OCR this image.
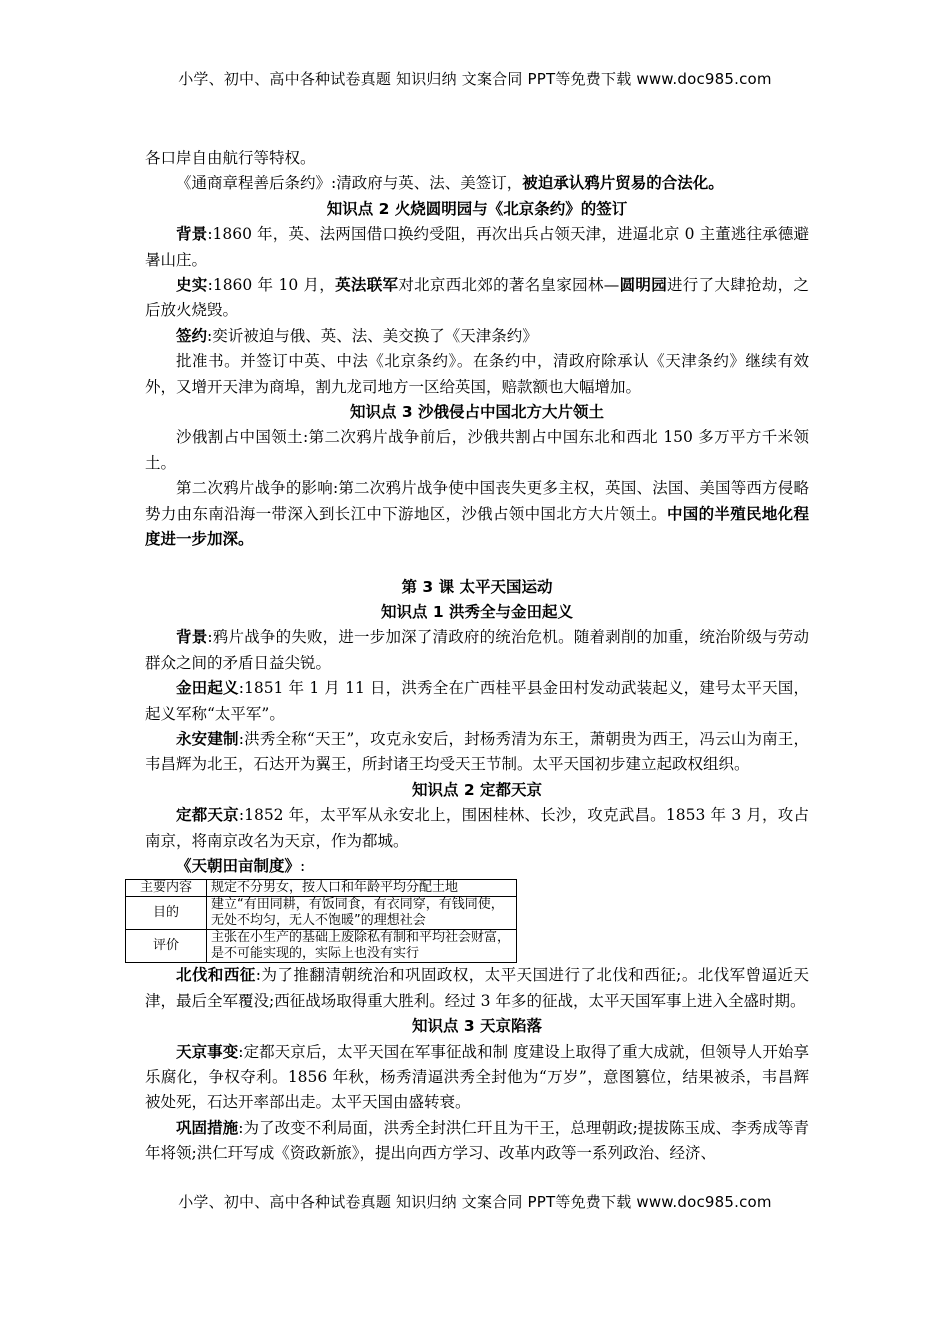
小学、初中、高中各种试卷真题 知识归纳 文案合同 PPT等免费下载 www.doc985.com

各口岸自由航行等特权。

《通商章程善后条约》:清政府与英、法、美签订，被迫承认鸦片贸易的合法化。

知识点 2 火烧圆明园与《北京条约》的签订

背景:1860 年，英、法两国借口换约受阻，再次出兵占领天津，进逼北京 0 主董逃往承德避暑山庄。

史实:1860 年 10 月，英法联军对北京西北郊的著名皇家园林—圆明园进行了大肆抢劫，之后放火烧毁。

签约:奕䜣被迫与俄、英、法、美交换了《天津条约》

批准书。并签订中英、中法《北京条约》。在条约中，清政府除承认《天津条约》继续有效外，又增开天津为商埠，割九龙司地方一区给英国，赔款额也大幅增加。

知识点 3 沙俄侵占中国北方大片领土

沙俄割占中国领土:第二次鸦片战争前后，沙俄共割占中国东北和西北 150 多万平方千米领土。

第二次鸦片战争的影响:第二次鸦片战争使中国丧失更多主权，英国、法国、美国等西方侵略势力由东南沿海一带深入到长江中下游地区，沙俄占领中国北方大片领土。中国的半殖民地化程度进一步加深。

第 3 课 太平天国运动

知识点 1 洪秀全与金田起义

背景:鸦片战争的失败，进一步加深了清政府的统治危机。随着剥削的加重，统治阶级与劳动群众之间的矛盾日益尖锐。

金田起义:1851 年 1 月 11 日，洪秀全在广西桂平县金田村发动武装起义，建号太平天国，起义军称“太平军”。

永安建制:洪秀全称“天王”，攻克永安后，封杨秀清为东王，萧朝贵为西王，冯云山为南王，韦昌辉为北王，石达开为翼王，所封诸王均受天王节制。太平天国初步建立起政权组织。

知识点 2 定都天京

定都天京:1852 年，太平军从永安北上，围困桂林、长沙，攻克武昌。1853 年 3 月，攻占南京，将南京改名为天京，作为都城。

《天朝田亩制度》:

主要内容	规定不分男女，按人口和年龄平均分配土地
目的	建立“有田同耕，有饭同食，有衣同穿，有钱同使，无处不均匀，无人不饱暖”的理想社会
评价	主张在小生产的基础上废除私有制和平均社会财富，是不可能实现的，实际上也没有实行

北伐和西征:为了推翻清朝统治和巩固政权，太平天国进行了北伐和西征;。北伐军曾逼近天津，最后全军覆没;西征战场取得重大胜利。经过 3 年多的征战，太平天国军事上进入全盛时期。

知识点 3 天京陷落

天京事变:定都天京后，太平天国在军事征战和制 度建设上取得了重大成就，但领导人开始享乐腐化，争权夺利。1856 年秋，杨秀清逼洪秀全封他为“万岁”，意图篡位，结果被杀，韦昌辉被处死，石达开率部出走。太平天国由盛转衰。

巩固措施:为了改变不利局面，洪秀全封洪仁玕且为干王，总理朝政;提拔陈玉成、李秀成等青年将领;洪仁玕写成《资政新旅》，提出向西方学习、改革内政等一系列政治、经济、

小学、初中、高中各种试卷真题 知识归纳 文案合同 PPT等免费下载 www.doc985.com
